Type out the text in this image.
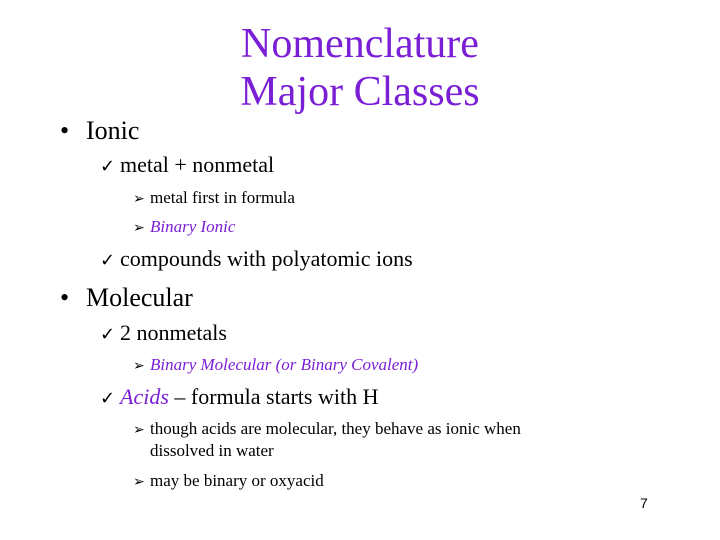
Nomenclature
Major Classes
• Ionic
✓ metal + nonmetal
➢ metal first in formula
➢ Binary Ionic
✓ compounds with polyatomic ions
• Molecular
✓ 2 nonmetals
➢ Binary Molecular (or Binary Covalent)
✓ Acids – formula starts with H
➢ though acids are molecular, they behave as ionic when
dissolved in water
➢ may be binary or oxyacid
7
